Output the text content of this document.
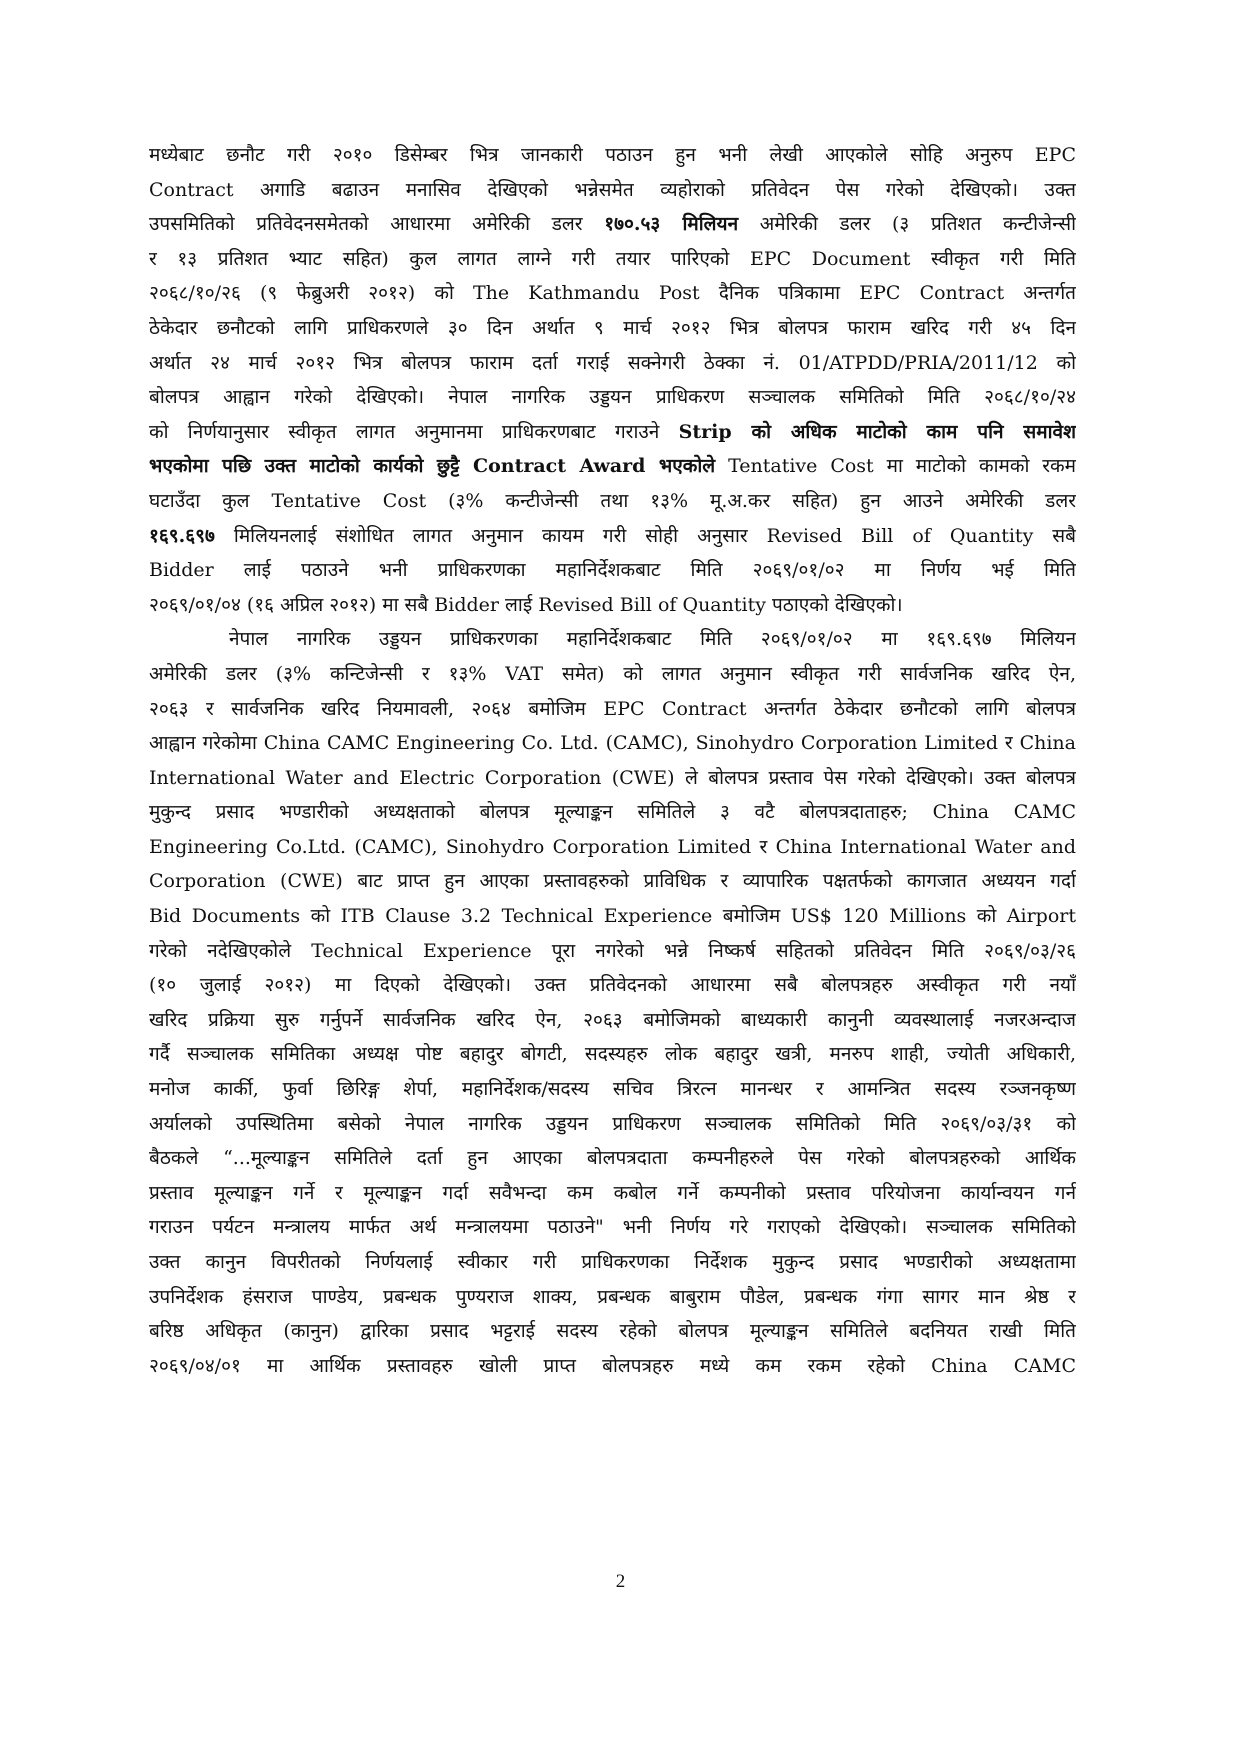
मध्येबाट छनौट गरी २०१० डिसेम्बर भित्र जानकारी पठाउन हुन भनी लेखी आएकोले सोहि अनुरुप EPC
Contract अगाडि बढाउन मनासिव देखिएको भन्नेसमेत व्यहोराको प्रतिवेदन पेस गरेको देखिएको। उक्त
उपसमितिको प्रतिवेदनसमेतको आधारमा अमेरिकी डलर १७०.५३ मिलियन अमेरिकी डलर (३ प्रतिशत कन्टीजेन्सी
र १३ प्रतिशत भ्याट सहित) कुल लागत लाग्ने गरी तयार पारिएको EPC Document स्वीकृत गरी मिति
२०६८/१०/२६ (९ फेब्रुअरी २०१२) को The Kathmandu Post दैनिक पत्रिकामा EPC Contract अन्तर्गत
ठेकेदार छनौटको लागि प्राधिकरणले ३० दिन अर्थात ९ मार्च २०१२ भित्र बोलपत्र फाराम खरिद गरी ४५ दिन
अर्थात २४ मार्च २०१२ भित्र बोलपत्र फाराम दर्ता गराई सक्नेगरी ठेक्का नं. 01/ATPDD/PRIA/2011/12 को
बोलपत्र आह्वान गरेको देखिएको। नेपाल नागरिक उड्डयन प्राधिकरण सञ्चालक समितिको मिति २०६८/१०/२४
को निर्णयानुसार स्वीकृत लागत अनुमानमा प्राधिकरणबाट गराउने Strip को अधिक माटोको काम पनि समावेश
भएकोमा पछि उक्त माटोको कार्यको छुट्टै Contract Award भएकोले Tentative Cost मा माटोको कामको रकम
घटाउँदा कुल Tentative Cost (३% कन्टीजेन्सी तथा १३% मू.अ.कर सहित) हुन आउने अमेरिकी डलर
१६९.६९७ मिलियनलाई संशोधित लागत अनुमान कायम गरी सोही अनुसार Revised Bill of Quantity सबै
Bidder लाई पठाउने भनी प्राधिकरणका महानिर्देशकबाट मिति २०६९/०१/०२ मा निर्णय भई मिति
२०६९/०१/०४ (१६ अप्रिल २०१२) मा सबै Bidder लाई Revised Bill of Quantity पठाएको देखिएको।
नेपाल नागरिक उड्डयन प्राधिकरणका महानिर्देशकबाट मिति २०६९/०१/०२ मा १६९.६९७ मिलियन
अमेरिकी डलर (३% कन्टिजेन्सी र १३% VAT समेत) को लागत अनुमान स्वीकृत गरी सार्वजनिक खरिद ऐन,
२०६३ र सार्वजनिक खरिद नियमावली, २०६४ बमोजिम EPC Contract अन्तर्गत ठेकेदार छनौटको लागि बोलपत्र
आह्वान गरेकोमा China CAMC Engineering Co. Ltd. (CAMC), Sinohydro Corporation Limited र China
International Water and Electric Corporation (CWE) ले बोलपत्र प्रस्ताव पेस गरेको देखिएको। उक्त बोलपत्र
मुकुन्द प्रसाद भण्डारीको अध्यक्षताको बोलपत्र मूल्याङ्कन समितिले ३ वटै बोलपत्रदाताहरु; China CAMC
Engineering Co.Ltd. (CAMC), Sinohydro Corporation Limited र China International Water and
Corporation (CWE) बाट प्राप्त हुन आएका प्रस्तावहरुको प्राविधिक र व्यापारिक पक्षतर्फको कागजात अध्ययन गर्दा
Bid Documents को ITB Clause 3.2 Technical Experience बमोजिम US$ 120 Millions को Airport
गरेको नदेखिएकोले Technical Experience पूरा नगरेको भन्ने निष्कर्ष सहितको प्रतिवेदन मिति २०६९/०३/२६
(१० जुलाई २०१२) मा दिएको देखिएको। उक्त प्रतिवेदनको आधारमा सबै बोलपत्रहरु अस्वीकृत गरी नयाँ
खरिद प्रक्रिया सुरु गर्नुपर्ने सार्वजनिक खरिद ऐन, २०६३ बमोजिमको बाध्यकारी कानुनी व्यवस्थालाई नजरअन्दाज
गर्दै सञ्चालक समितिका अध्यक्ष पोष्ट बहादुर बोगटी, सदस्यहरु लोक बहादुर खत्री, मनरुप शाही, ज्योती अधिकारी,
मनोज कार्की, फुर्वा छिरिङ्ग शेर्पा, महानिर्देशक/सदस्य सचिव त्रिरत्न मानन्धर र आमन्त्रित सदस्य रञ्जनकृष्ण
अर्यालको उपस्थितिमा बसेको नेपाल नागरिक उड्डयन प्राधिकरण सञ्चालक समितिको मिति २०६९/०३/३१ को
बैठकले “...मूल्याङ्कन समितिले दर्ता हुन आएका बोलपत्रदाता कम्पनीहरुले पेस गरेको बोलपत्रहरुको आर्थिक
प्रस्ताव मूल्याङ्कन गर्ने र मूल्याङ्कन गर्दा सवैभन्दा कम कबोल गर्ने कम्पनीको प्रस्ताव परियोजना कार्यान्वयन गर्न
गराउन पर्यटन मन्त्रालय मार्फत अर्थ मन्त्रालयमा पठाउने" भनी निर्णय गरे गराएको देखिएको। सञ्चालक समितिको
उक्त कानुन विपरीतको निर्णयलाई स्वीकार गरी प्राधिकरणका निर्देशक मुकुन्द प्रसाद भण्डारीको अध्यक्षतामा
उपनिर्देशक हंसराज पाण्डेय, प्रबन्धक पुण्यराज शाक्य, प्रबन्धक बाबुराम पौडेल, प्रबन्धक गंगा सागर मान श्रेष्ठ र
बरिष्ठ अधिकृत (कानुन) द्वारिका प्रसाद भट्टराई सदस्य रहेको बोलपत्र मूल्याङ्कन समितिले बदनियत राखी मिति
२०६९/०४/०१ मा आर्थिक प्रस्तावहरु खोली प्राप्त बोलपत्रहरु मध्ये कम रकम रहेको China CAMC
2
